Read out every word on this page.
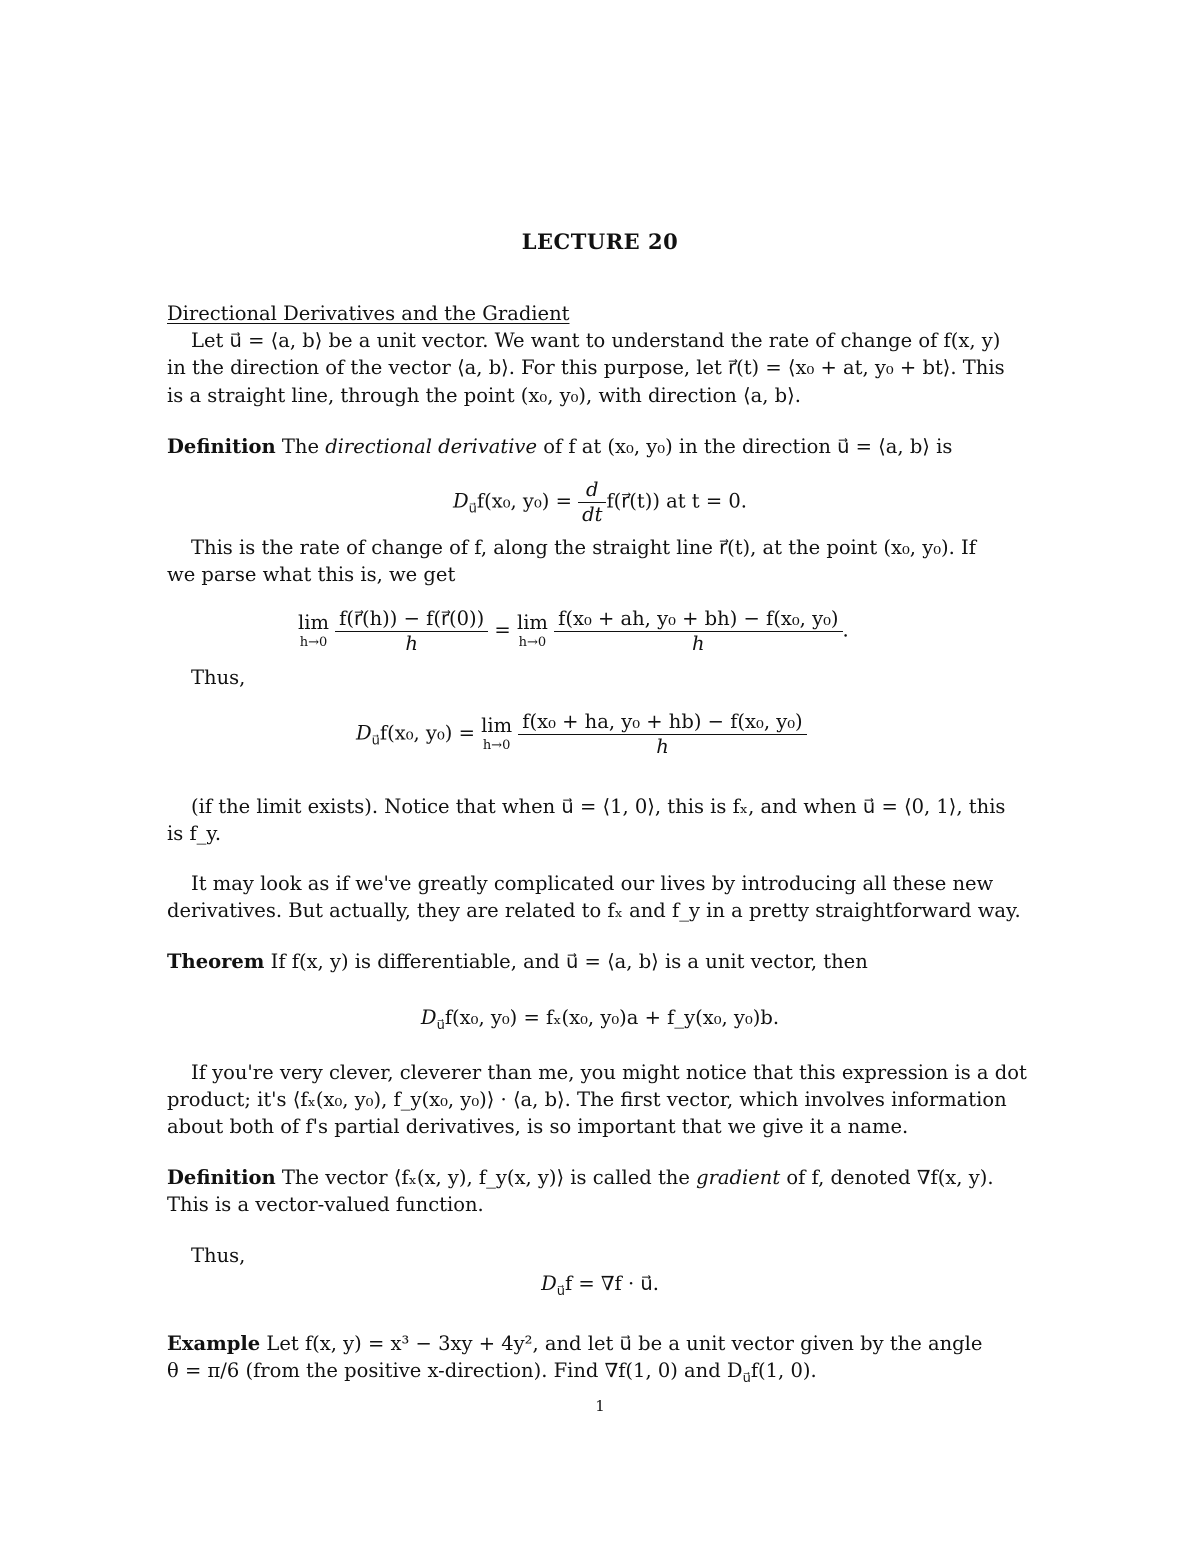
LECTURE 20
Directional Derivatives and the Gradient
Let u⃗ = ⟨a, b⟩ be a unit vector. We want to understand the rate of change of f(x, y)
in the direction of the vector ⟨a, b⟩. For this purpose, let r⃗(t) = ⟨x₀ + at, y₀ + bt⟩. This
is a straight line, through the point (x₀, y₀), with direction ⟨a, b⟩.
Definition The directional derivative of f at (x₀, y₀) in the direction u⃗ = ⟨a, b⟩ is
$D_{u⃗}f(x_0$, $y_0) = \frac{d}{dt}$ f(r⃗(t)) at t = 0.
This is the rate of change of f, along the straight line r⃗(t), at the point (x₀, y₀). If
we parse what this is, we get
lim
h→0
$\frac{f(r⃗(h)) - f(r⃗(0))}{h} = \lim$
h→0
$\frac{\text{f(x₀ + ah, y₀ + bh) − f(x₀, y₀)}}{h}$ .
Thus,
$D_{u⃗}f(x_0$, y₀) = lim
h→0
$\frac{\text{f(x₀ + ha, y₀ + hb) − f(x₀, y₀)}}{h}$
(if the limit exists). Notice that when u⃗ = ⟨1, 0⟩, this is fₓ, and when u⃗ = ⟨0, 1⟩, this
is f_y.
It may look as if we've greatly complicated our lives by introducing all these new
derivatives. But actually, they are related to fₓ and f_y in a pretty straightforward way.
Theorem If f(x, y) is differentiable, and u⃗ = ⟨a, b⟩ is a unit vector, then
$D_{u⃗}f(x_0$, y₀) = fₓ(x₀, y₀)a + f_y(x₀, y₀)b.
If you're very clever, cleverer than me, you might notice that this expression is a dot
product; it's ⟨fₓ(x₀, y₀), f_y(x₀, y₀)⟩ · ⟨a, b⟩. The first vector, which involves information
about both of f's partial derivatives, is so important that we give it a name.
Definition The vector ⟨fₓ(x, y), f_y(x, y)⟩ is called the gradient of f, denoted ∇f(x, y).
This is a vector-valued function.
Thus,
$D_{u⃗}f = \nabla f$ · u⃗.
Example Let f(x, y) = x³ − 3xy + 4y², and let u⃗ be a unit vector given by the angle
θ = π/6 (from the positive x-direction). Find ∇f(1, 0) and $D_{u⃗}f(1$, 0).
1
